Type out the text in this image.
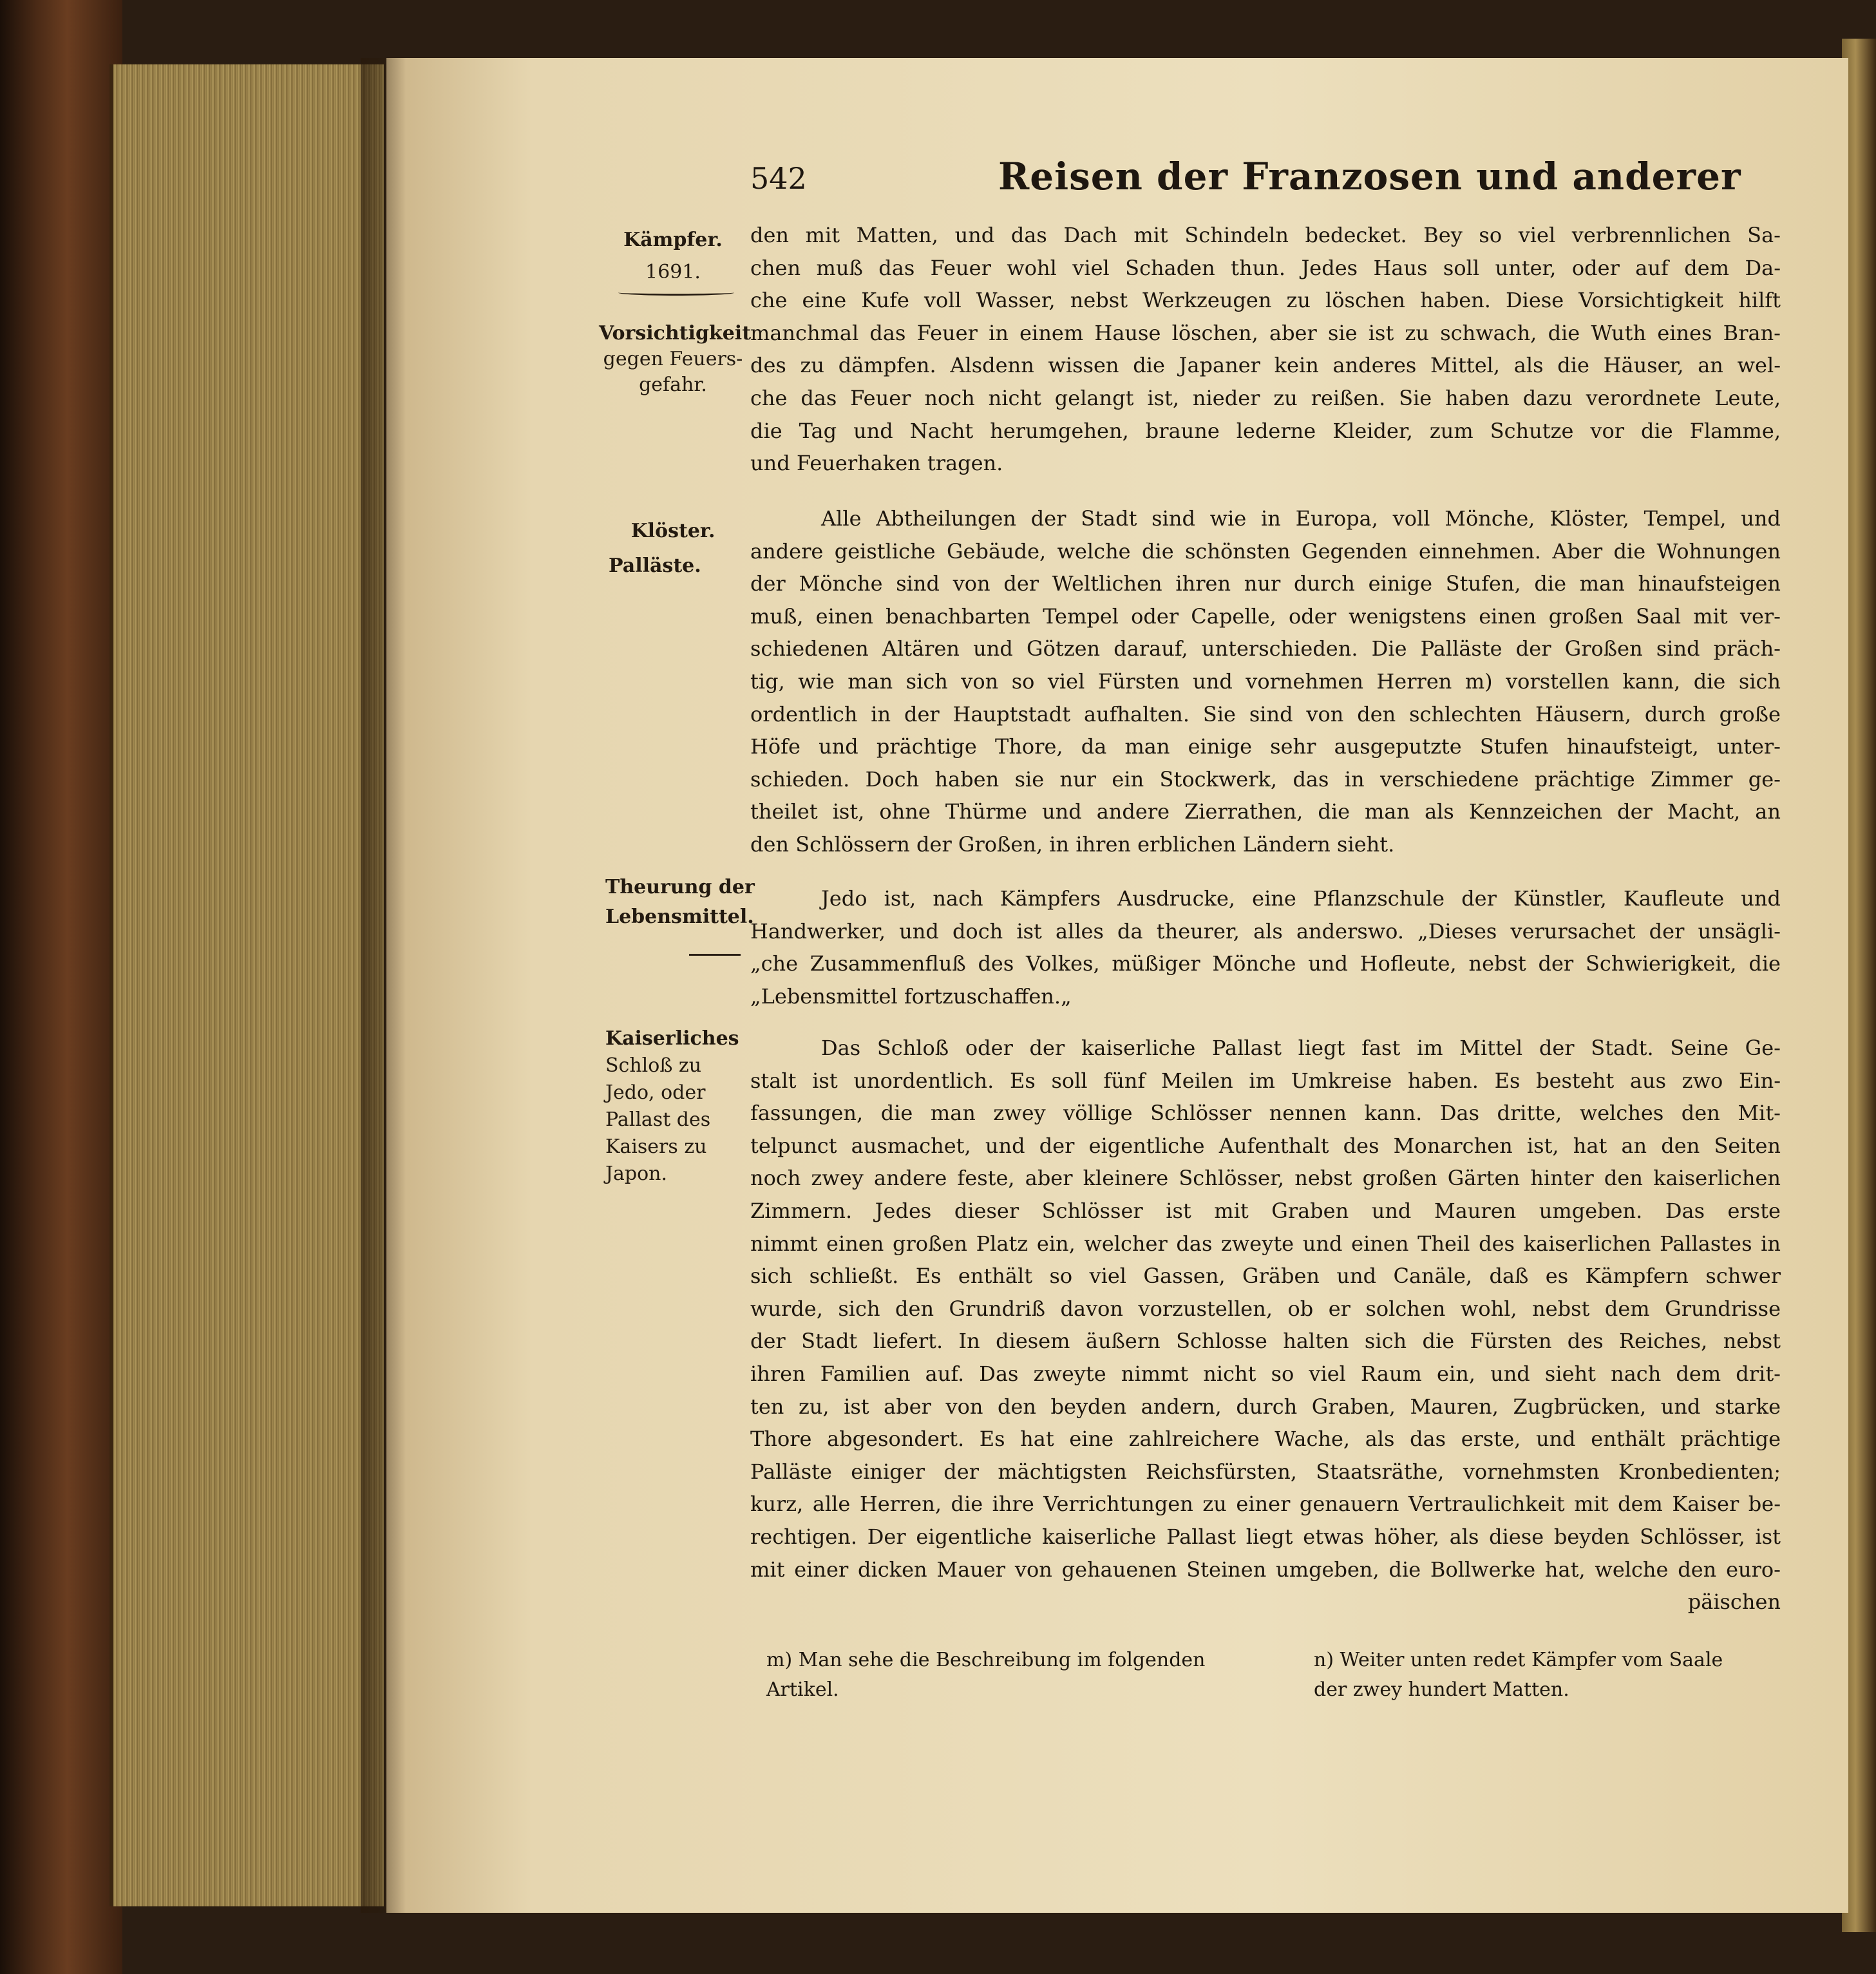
542	Reisen der Franzosen und anderer
Kämpfer.
1691.
Vorsichtigkeit
gegen Feuers-
gefahr.
Klöster.
Palläste.
Theurung der
Lebensmittel.
Kaiserliches
Schloß zu
Jedo, oder
Pallast des
Kaisers zu
Japon.
den mit Matten, und das Dach mit Schindeln bedecket. Bey so viel verbrennlichen Sa-
chen muß das Feuer wohl viel Schaden thun. Jedes Haus soll unter, oder auf dem Da-
che eine Kufe voll Wasser, nebst Werkzeugen zu löschen haben. Diese Vorsichtigkeit hilft
manchmal das Feuer in einem Hause löschen, aber sie ist zu schwach, die Wuth eines Bran-
des zu dämpfen. Alsdenn wissen die Japaner kein anderes Mittel, als die Häuser, an wel-
che das Feuer noch nicht gelangt ist, nieder zu reißen. Sie haben dazu verordnete Leute,
die Tag und Nacht herumgehen, braune lederne Kleider, zum Schutze vor die Flamme,
und Feuerhaken tragen.
Alle Abtheilungen der Stadt sind wie in Europa, voll Mönche, Klöster, Tempel, und
andere geistliche Gebäude, welche die schönsten Gegenden einnehmen. Aber die Wohnungen
der Mönche sind von der Weltlichen ihren nur durch einige Stufen, die man hinaufsteigen
muß, einen benachbarten Tempel oder Capelle, oder wenigstens einen großen Saal mit ver-
schiedenen Altären und Götzen darauf, unterschieden. Die Palläste der Großen sind präch-
tig, wie man sich von so viel Fürsten und vornehmen Herren m) vorstellen kann, die sich
ordentlich in der Hauptstadt aufhalten. Sie sind von den schlechten Häusern, durch große
Höfe und prächtige Thore, da man einige sehr ausgeputzte Stufen hinaufsteigt, unter-
schieden. Doch haben sie nur ein Stockwerk, das in verschiedene prächtige Zimmer ge-
theilet ist, ohne Thürme und andere Zierrathen, die man als Kennzeichen der Macht, an
den Schlössern der Großen, in ihren erblichen Ländern sieht.
Jedo ist, nach Kämpfers Ausdrucke, eine Pflanzschule der Künstler, Kaufleute und
Handwerker, und doch ist alles da theurer, als anderswo. „Dieses verursachet der unsägli-
„che Zusammenfluß des Volkes, müßiger Mönche und Hofleute, nebst der Schwierigkeit, die
„Lebensmittel fortzuschaffen.„
Das Schloß oder der kaiserliche Pallast liegt fast im Mittel der Stadt. Seine Ge-
stalt ist unordentlich. Es soll fünf Meilen im Umkreise haben. Es besteht aus zwo Ein-
fassungen, die man zwey völlige Schlösser nennen kann. Das dritte, welches den Mit-
telpunct ausmachet, und der eigentliche Aufenthalt des Monarchen ist, hat an den Seiten
noch zwey andere feste, aber kleinere Schlösser, nebst großen Gärten hinter den kaiserlichen
Zimmern. Jedes dieser Schlösser ist mit Graben und Mauren umgeben. Das erste
nimmt einen großen Platz ein, welcher das zweyte und einen Theil des kaiserlichen Pallastes in
sich schließt. Es enthält so viel Gassen, Gräben und Canäle, daß es Kämpfern schwer
wurde, sich den Grundriß davon vorzustellen, ob er solchen wohl, nebst dem Grundrisse
der Stadt liefert. In diesem äußern Schlosse halten sich die Fürsten des Reiches, nebst
ihren Familien auf. Das zweyte nimmt nicht so viel Raum ein, und sieht nach dem drit-
ten zu, ist aber von den beyden andern, durch Graben, Mauren, Zugbrücken, und starke
Thore abgesondert. Es hat eine zahlreichere Wache, als das erste, und enthält prächtige
Palläste einiger der mächtigsten Reichsfürsten, Staatsräthe, vornehmsten Kronbedienten;
kurz, alle Herren, die ihre Verrichtungen zu einer genauern Vertraulichkeit mit dem Kaiser be-
rechtigen. Der eigentliche kaiserliche Pallast liegt etwas höher, als diese beyden Schlösser, ist
mit einer dicken Mauer von gehauenen Steinen umgeben, die Bollwerke hat, welche den euro-
päischen
m) Man sehe die Beschreibung im folgenden
Artikel.
n) Weiter unten redet Kämpfer vom Saale
der zwey hundert Matten.
